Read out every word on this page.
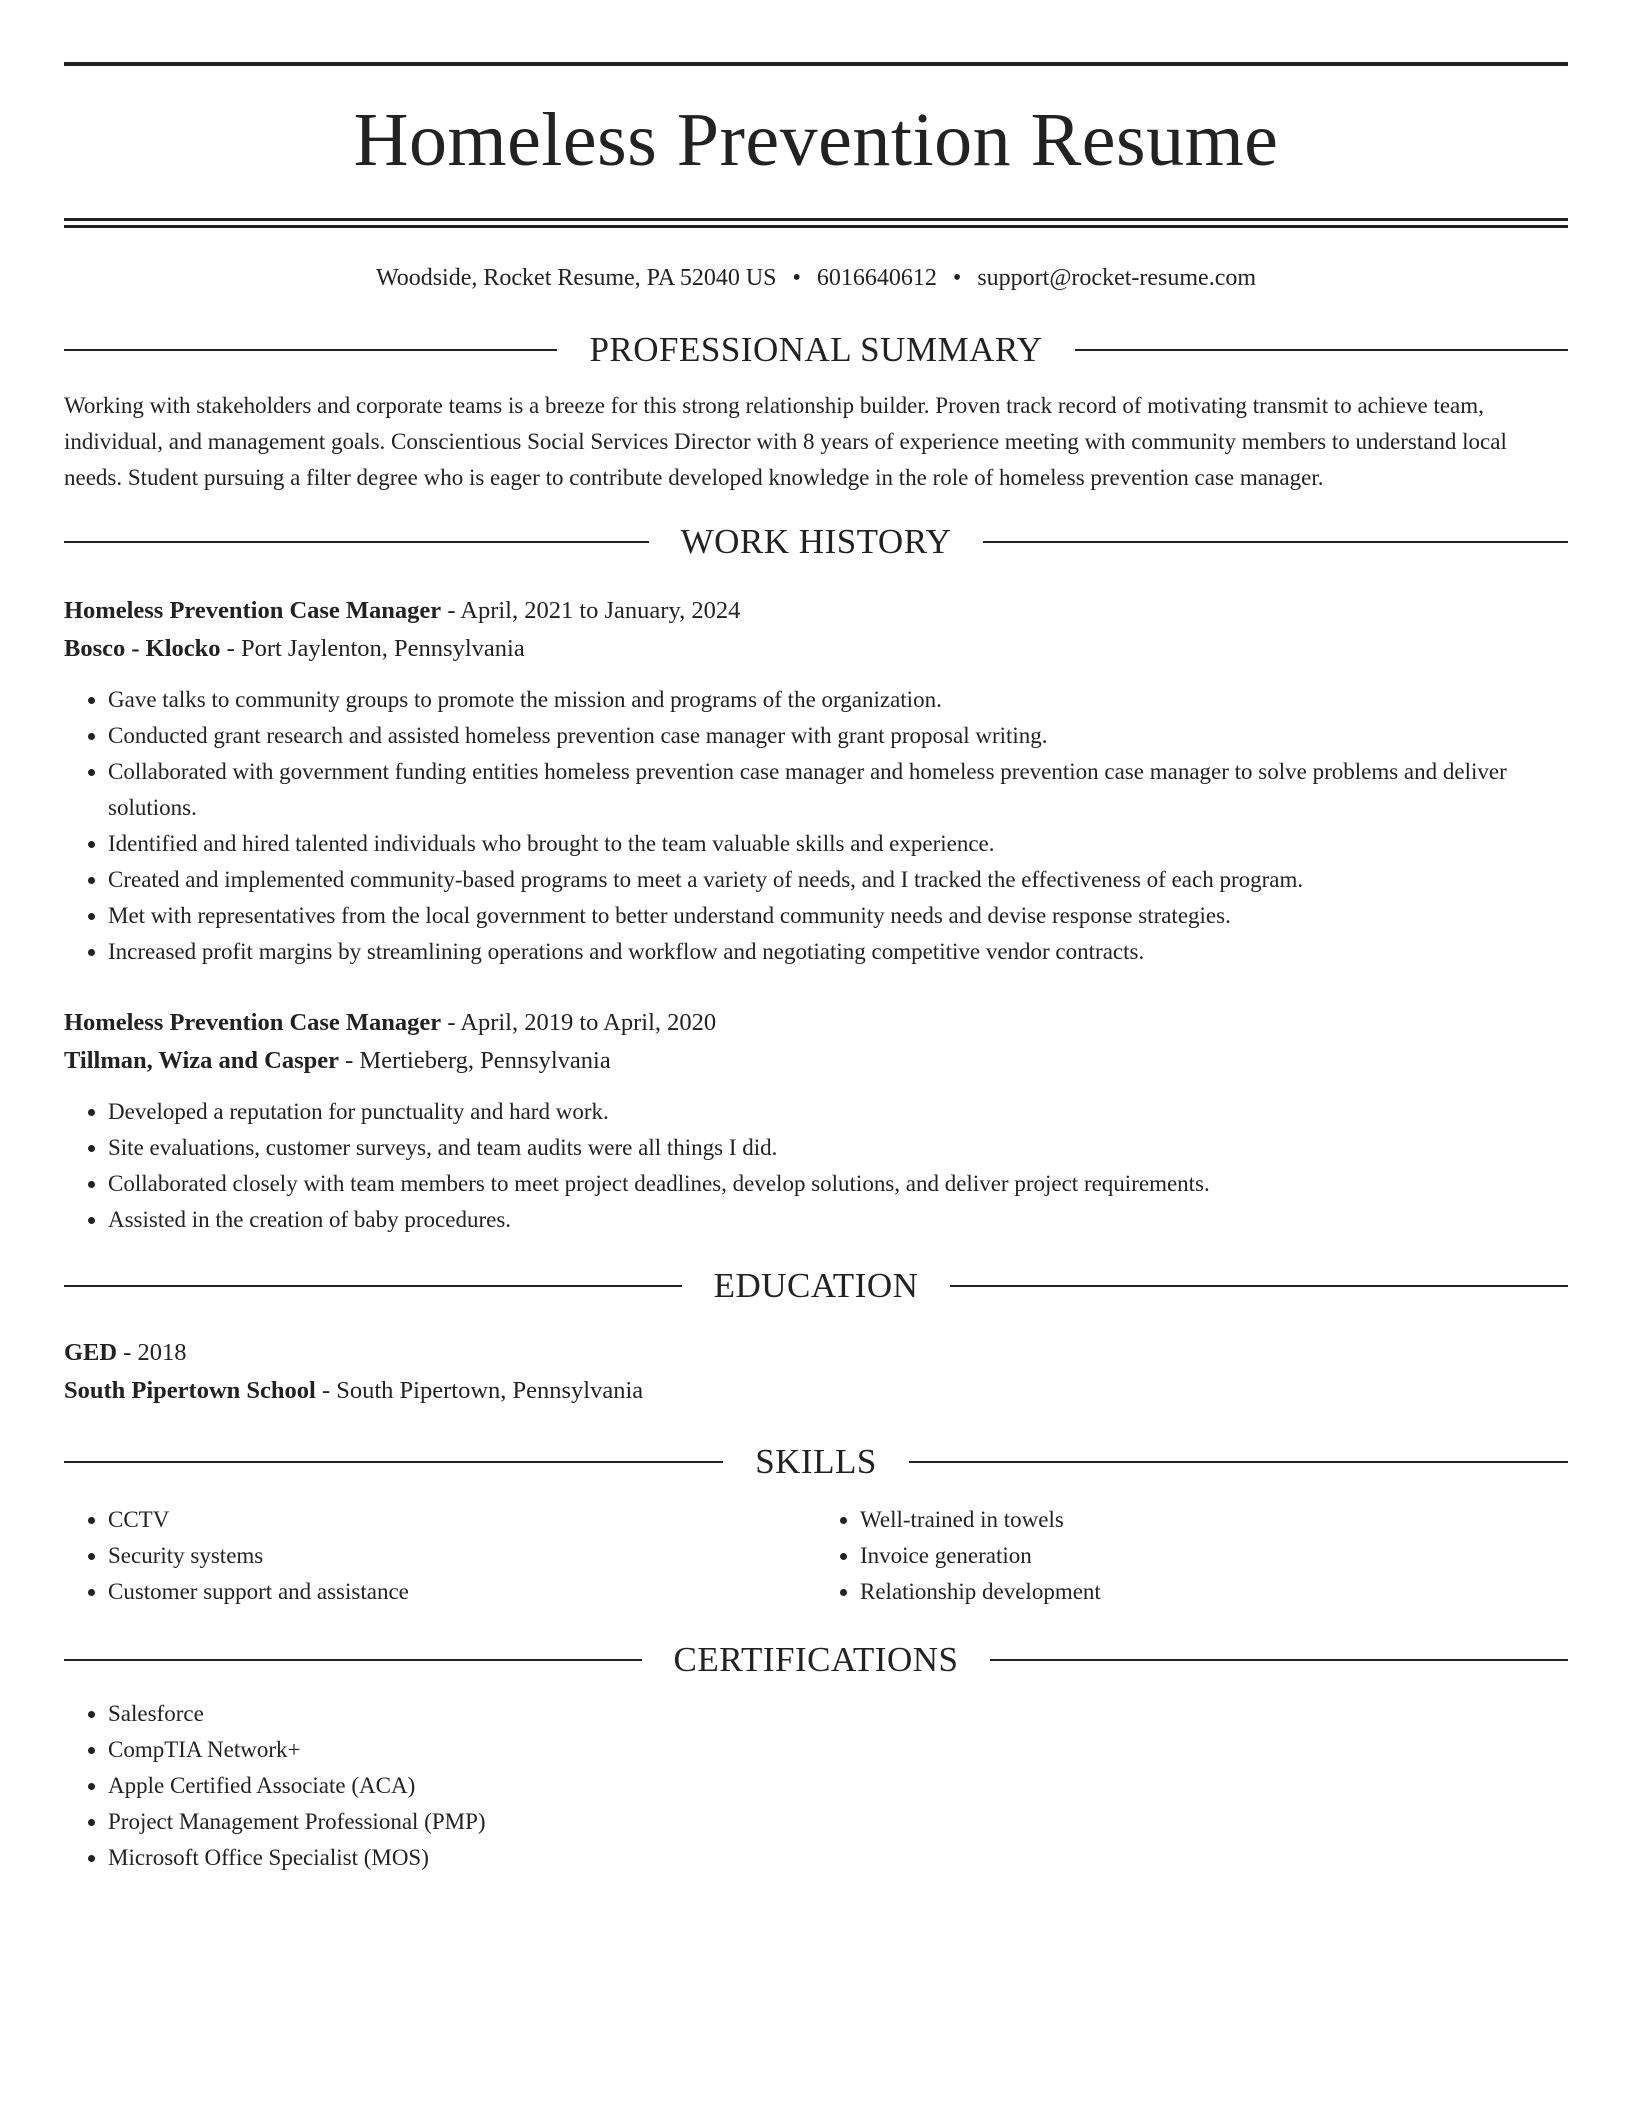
Homeless Prevention Resume
Woodside, Rocket Resume, PA 52040 US • 6016640612 • support@rocket-resume.com
PROFESSIONAL SUMMARY

Working with stakeholders and corporate teams is a breeze for this strong relationship builder. Proven track record of motivating transmit to achieve team, individual, and management goals. Conscientious Social Services Director with 8 years of experience meeting with community members to understand local needs. Student pursuing a filter degree who is eager to contribute developed knowledge in the role of homeless prevention case manager.

WORK HISTORY
Homeless Prevention Case Manager - April, 2021 to January, 2024
Bosco - Klocko - Port Jaylenton, Pennsylvania
• Gave talks to community groups to promote the mission and programs of the organization.
• Conducted grant research and assisted homeless prevention case manager with grant proposal writing.
• Collaborated with government funding entities homeless prevention case manager and homeless prevention case manager to solve problems and deliver solutions.
• Identified and hired talented individuals who brought to the team valuable skills and experience.
• Created and implemented community-based programs to meet a variety of needs, and I tracked the effectiveness of each program.
• Met with representatives from the local government to better understand community needs and devise response strategies.
• Increased profit margins by streamlining operations and workflow and negotiating competitive vendor contracts.
Homeless Prevention Case Manager - April, 2019 to April, 2020
Tillman, Wiza and Casper - Mertieberg, Pennsylvania
• Developed a reputation for punctuality and hard work.
• Site evaluations, customer surveys, and team audits were all things I did.
• Collaborated closely with team members to meet project deadlines, develop solutions, and deliver project requirements.
• Assisted in the creation of baby procedures.
EDUCATION
GED - 2018
South Pipertown School - South Pipertown, Pennsylvania
SKILLS
• CCTV
• Security systems
• Customer support and assistance
• Well-trained in towels
• Invoice generation
• Relationship development
CERTIFICATIONS
• Salesforce
• CompTIA Network+
• Apple Certified Associate (ACA)
• Project Management Professional (PMP)
• Microsoft Office Specialist (MOS)
